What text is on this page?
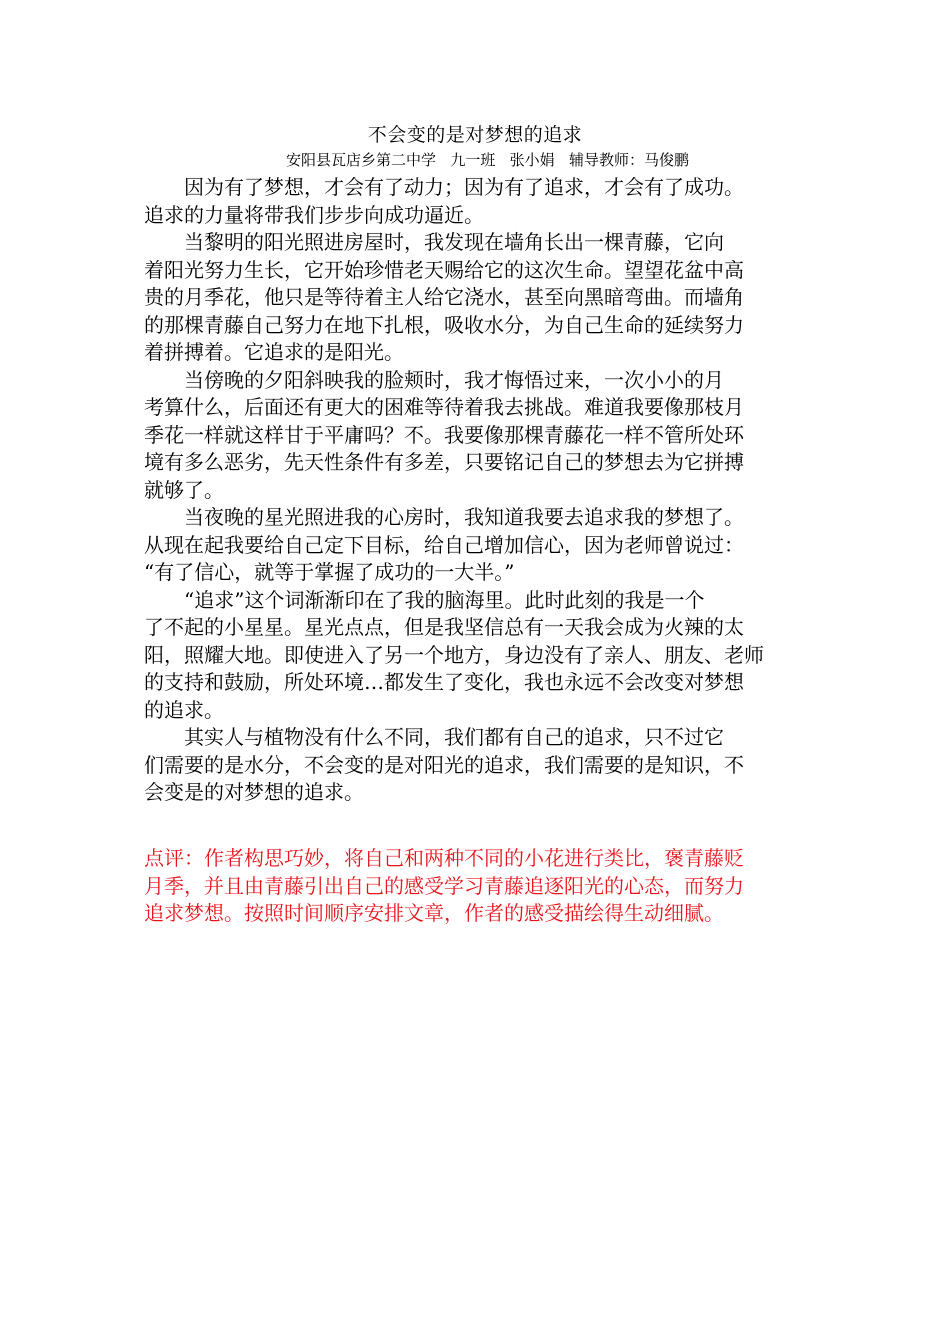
不会变的是对梦想的追求
安阳县瓦店乡第二中学   九一班   张小娟   辅导教师：马俊鹏
　　因为有了梦想，才会有了动力；因为有了追求，才会有了成功。
追求的力量将带我们步步向成功逼近。
　　当黎明的阳光照进房屋时，我发现在墙角长出一棵青藤，它向
着阳光努力生长，它开始珍惜老天赐给它的这次生命。望望花盆中高
贵的月季花，他只是等待着主人给它浇水，甚至向黑暗弯曲。而墙角
的那棵青藤自己努力在地下扎根，吸收水分，为自己生命的延续努力
着拼搏着。它追求的是阳光。
　　当傍晚的夕阳斜映我的脸颊时，我才悔悟过来，一次小小的月
考算什么，后面还有更大的困难等待着我去挑战。难道我要像那枝月
季花一样就这样甘于平庸吗？不。我要像那棵青藤花一样不管所处环
境有多么恶劣，先天性条件有多差，只要铭记自己的梦想去为它拼搏
就够了。
　　当夜晚的星光照进我的心房时，我知道我要去追求我的梦想了。
从现在起我要给自己定下目标，给自己增加信心，因为老师曾说过：
“有了信心，就等于掌握了成功的一大半。”
　　“追求”这个词渐渐印在了我的脑海里。此时此刻的我是一个
了不起的小星星。星光点点，但是我坚信总有一天我会成为火辣的太
阳，照耀大地。即使进入了另一个地方，身边没有了亲人、朋友、老师
的支持和鼓励，所处环境…都发生了变化，我也永远不会改变对梦想
的追求。
　　其实人与植物没有什么不同，我们都有自己的追求，只不过它
们需要的是水分，不会变的是对阳光的追求，我们需要的是知识，不
会变是的对梦想的追求。
点评：作者构思巧妙，将自己和两种不同的小花进行类比，褒青藤贬
月季，并且由青藤引出自己的感受学习青藤追逐阳光的心态，而努力
追求梦想。按照时间顺序安排文章，作者的感受描绘得生动细腻。
